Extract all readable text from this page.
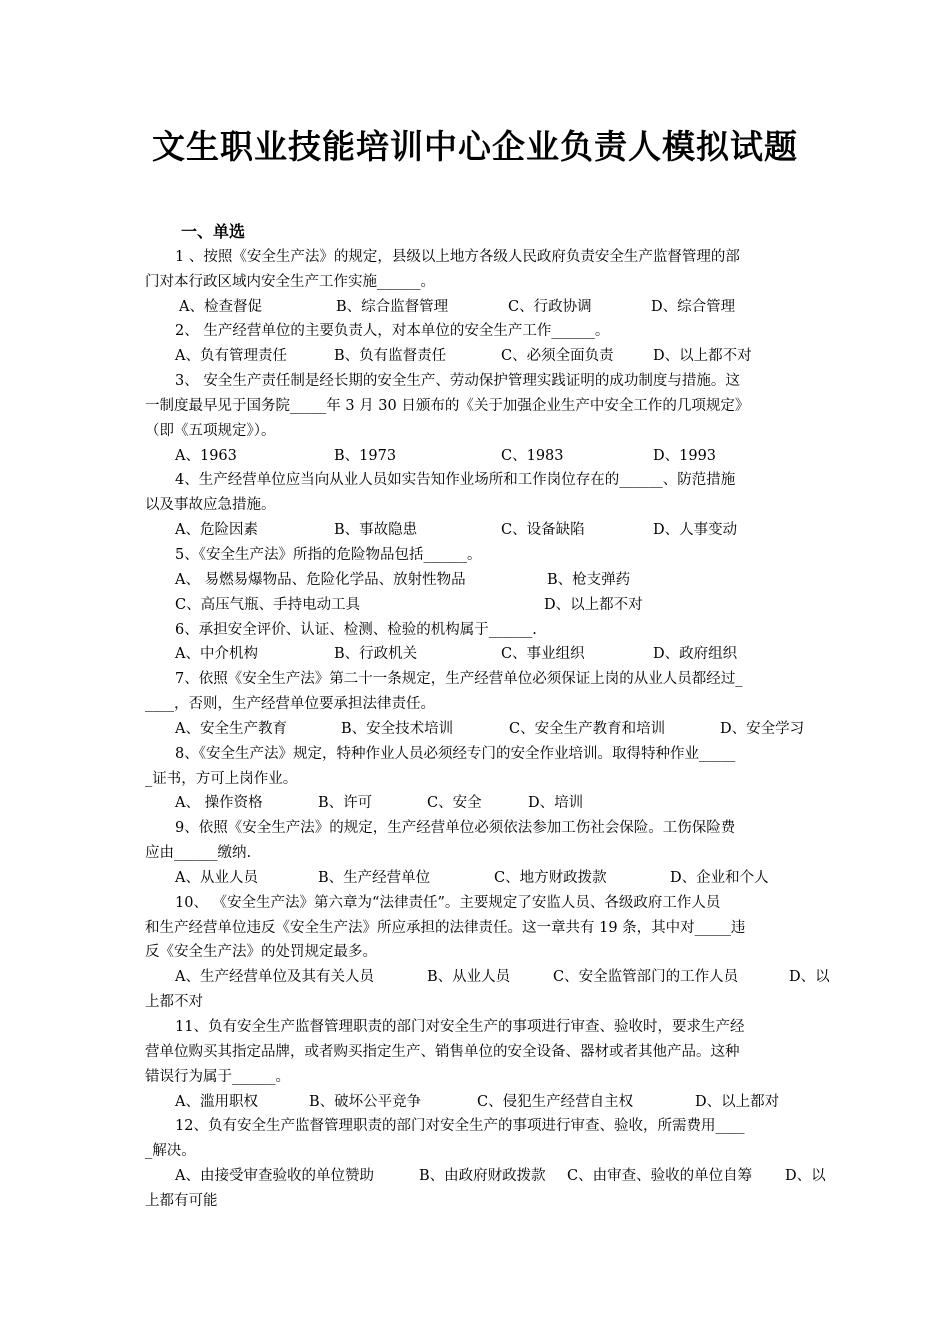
文生职业技能培训中心企业负责人模拟试题
一、单选
1 、按照《安全生产法》的规定，县级以上地方各级人民政府负责安全生产监督管理的部
门对本行政区域内安全生产工作实施______。
A、检查督促	B、综合监督管理	C、行政协调	D、综合管理
2、 生产经营单位的主要负责人，对本单位的安全生产工作______。
A、负有管理责任	B、负有监督责任	C、必须全面负责	D、以上都不对
3、 安全生产责任制是经长期的安全生产、劳动保护管理实践证明的成功制度与措施。这
一制度最早见于国务院_____年 3 月 30 日颁布的《关于加强企业生产中安全工作的几项规定》
（即《五项规定》）。
A、1963	B、1973	C、1983	D、1993
4、生产经营单位应当向从业人员如实告知作业场所和工作岗位存在的______、防范措施
以及事故应急措施。
A、危险因素	B、事故隐患	C、设备缺陷	D、人事变动
5、《安全生产法》所指的危险物品包括______。
A、 易燃易爆物品、危险化学品、放射性物品	B、枪支弹药
C、高压气瓶、手持电动工具	D、以上都不对
6、承担安全评价、认证、检测、检验的机构属于______.
A、中介机构	B、行政机关	C、事业组织	D、政府组织
7、依照《安全生产法》第二十一条规定，生产经营单位必须保证上岗的从业人员都经过_
____，否则，生产经营单位要承担法律责任。
A、安全生产教育	B、安全技术培训	C、安全生产教育和培训	D、安全学习
8、《安全生产法》规定，特种作业人员必须经专门的安全作业培训。取得特种作业_____
_证书，方可上岗作业。
A、 操作资格	B、许可	C、安全	D、培训
9、依照《安全生产法》的规定，生产经营单位必须依法参加工伤社会保险。工伤保险费
应由______缴纳.
A、从业人员	B、生产经营单位	C、地方财政拨款	D、企业和个人
10、 《安全生产法》第六章为“法律责任”。主要规定了安监人员、各级政府工作人员
和生产经营单位违反《安全生产法》所应承担的法律责任。这一章共有 19 条，其中对_____违
反《安全生产法》的处罚规定最多。
A、生产经营单位及其有关人员	B、从业人员	C、安全监管部门的工作人员	D、以
上都不对
11、负有安全生产监督管理职责的部门对安全生产的事项进行审查、验收时，要求生产经
营单位购买其指定品牌，或者购买指定生产、销售单位的安全设备、器材或者其他产品。这种
错误行为属于______。
A、滥用职权	B、破坏公平竞争	C、侵犯生产经营自主权	D、以上都对
12、负有安全生产监督管理职责的部门对安全生产的事项进行审查、验收，所需费用____
_解决。
A、由接受审查验收的单位赞助	B、由政府财政拨款 C、由审查、验收的单位自筹 D、以
上都有可能
